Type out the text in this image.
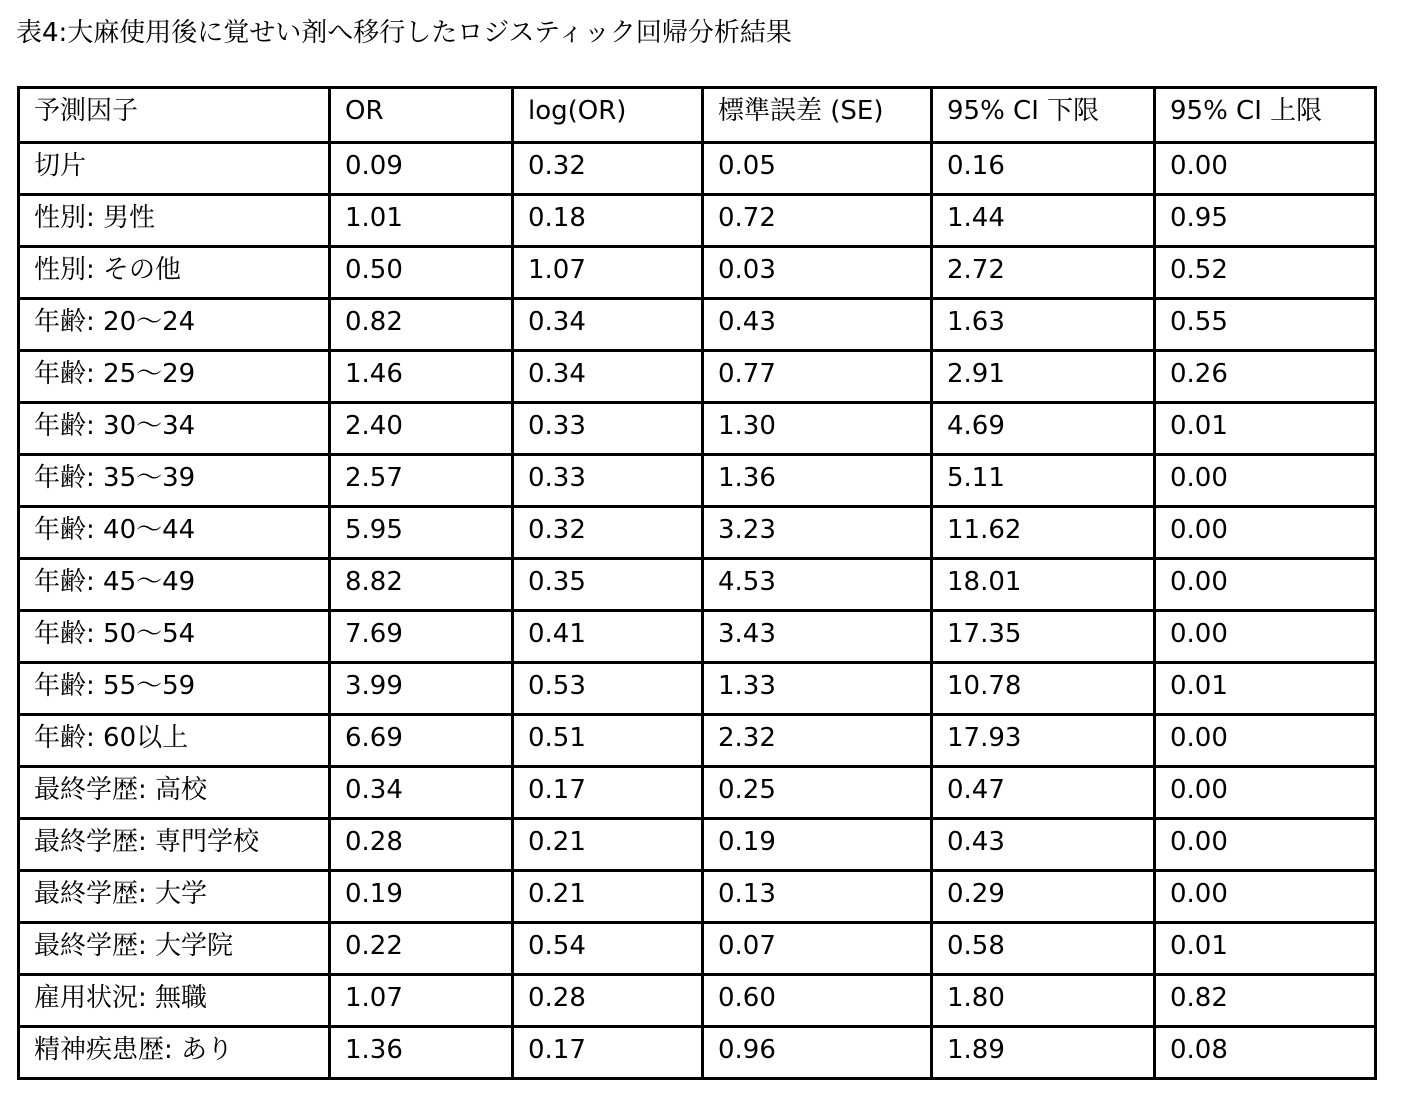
表4:大麻使用後に覚せい剤へ移行したロジスティック回帰分析結果
予測因子	OR	log(OR)	標準誤差 (SE)	95% CI 下限	95% CI 上限
切片	0.09	0.32	0.05	0.16	0.00
性別: 男性	1.01	0.18	0.72	1.44	0.95
性別: その他	0.50	1.07	0.03	2.72	0.52
年齢: 20～24	0.82	0.34	0.43	1.63	0.55
年齢: 25～29	1.46	0.34	0.77	2.91	0.26
年齢: 30～34	2.40	0.33	1.30	4.69	0.01
年齢: 35～39	2.57	0.33	1.36	5.11	0.00
年齢: 40～44	5.95	0.32	3.23	11.62	0.00
年齢: 45～49	8.82	0.35	4.53	18.01	0.00
年齢: 50～54	7.69	0.41	3.43	17.35	0.00
年齢: 55～59	3.99	0.53	1.33	10.78	0.01
年齢: 60以上	6.69	0.51	2.32	17.93	0.00
最終学歴: 高校	0.34	0.17	0.25	0.47	0.00
最終学歴: 専門学校	0.28	0.21	0.19	0.43	0.00
最終学歴: 大学	0.19	0.21	0.13	0.29	0.00
最終学歴: 大学院	0.22	0.54	0.07	0.58	0.01
雇用状況: 無職	1.07	0.28	0.60	1.80	0.82
精神疾患歴: あり	1.36	0.17	0.96	1.89	0.08
